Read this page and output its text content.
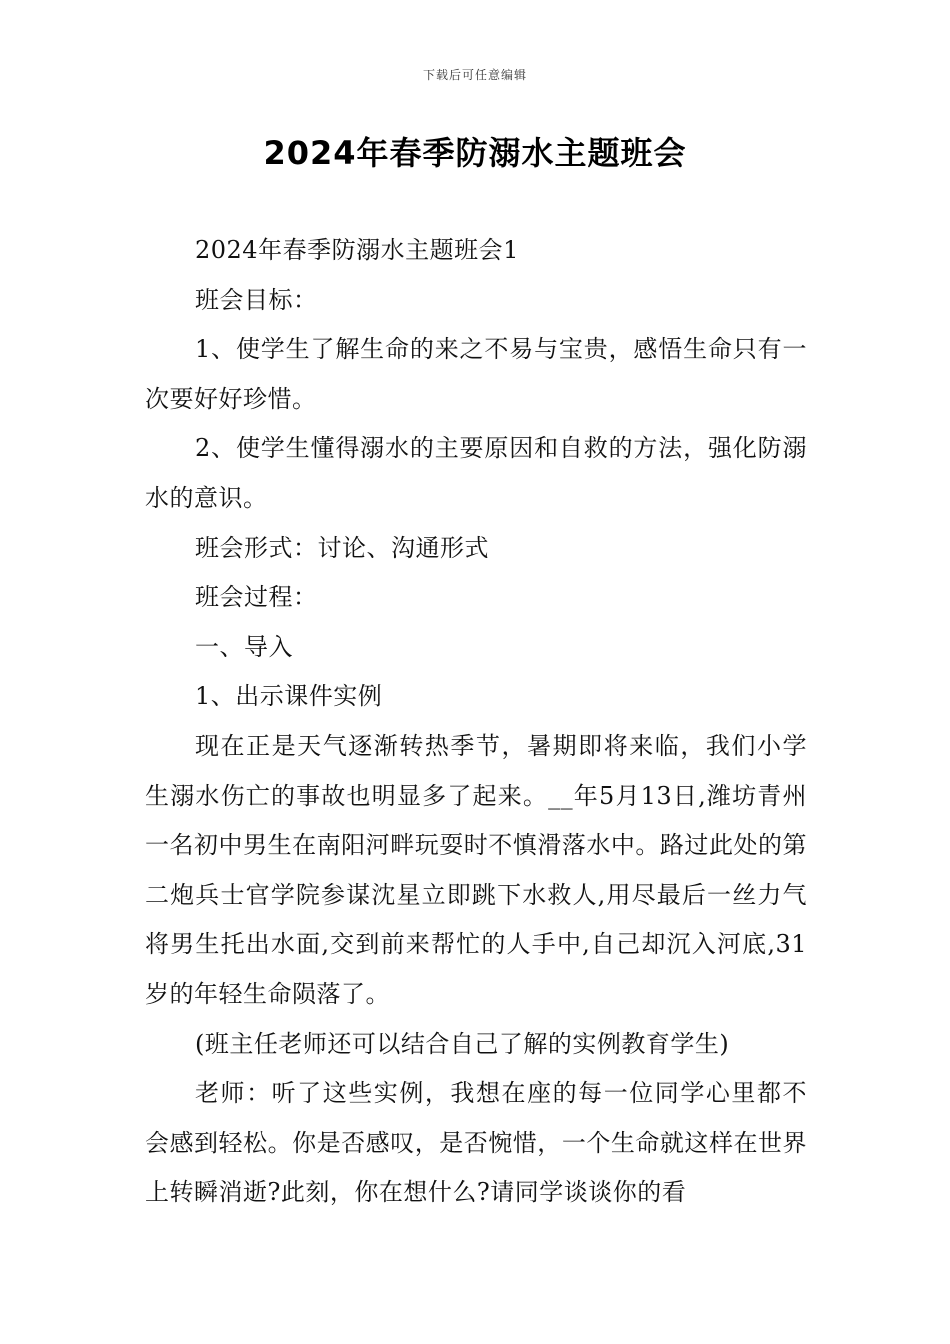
下载后可任意编辑
2024年春季防溺水主题班会

2024年春季防溺水主题班会1

班会目标：

1、使学生了解生命的来之不易与宝贵，感悟生命只有一次要好好珍惜。

2、使学生懂得溺水的主要原因和自救的方法，强化防溺水的意识。

班会形式：讨论、沟通形式

班会过程：

一、导入

1、出示课件实例

现在正是天气逐渐转热季节，暑期即将来临，我们小学生溺水伤亡的事故也明显多了起来。__年5月13日,潍坊青州一名初中男生在南阳河畔玩耍时不慎滑落水中。路过此处的第二炮兵士官学院参谋沈星立即跳下水救人,用尽最后一丝力气将男生托出水面,交到前来帮忙的人手中,自己却沉入河底,31岁的年轻生命陨落了。

(班主任老师还可以结合自己了解的实例教育学生)

老师：听了这些实例，我想在座的每一位同学心里都不会感到轻松。你是否感叹，是否惋惜，一个生命就这样在世界上转瞬消逝?此刻，你在想什么?请同学谈谈你的看
